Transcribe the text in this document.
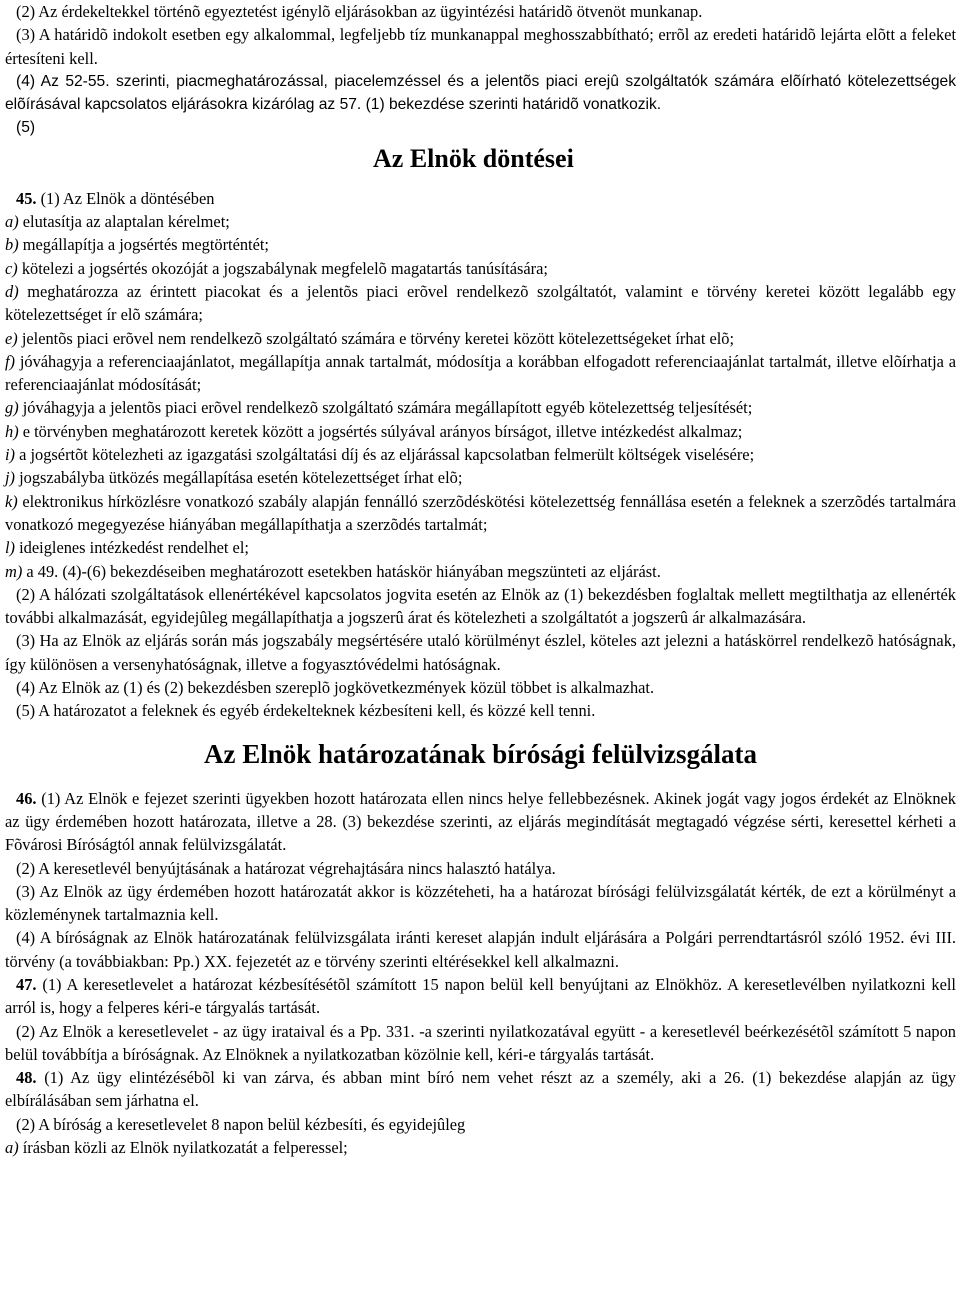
(2) Az érdekeltekkel történõ egyeztetést igénylõ eljárásokban az ügyintézési határidõ ötvenöt munkanap.

(3) A határidõ indokolt esetben egy alkalommal, legfeljebb tíz munkanappal meghosszabbítható; errõl az eredeti határidõ lejárta elõtt a feleket értesíteni kell.

(4) Az 52-55. szerinti, piacmeghatározással, piacelemzéssel és a jelentõs piaci erejû szolgáltatók számára elõírható kötelezettségek elõírásával kapcsolatos eljárásokra kizárólag az 57. (1) bekezdése szerinti határidõ vonatkozik.

(5)

Az Elnök döntései

45. (1) Az Elnök a döntésében

a) elutasítja az alaptalan kérelmet;

b) megállapítja a jogsértés megtörténtét;

c) kötelezi a jogsértés okozóját a jogszabálynak megfelelõ magatartás tanúsítására;

d) meghatározza az érintett piacokat és a jelentõs piaci erõvel rendelkezõ szolgáltatót, valamint e törvény keretei között legalább egy kötelezettséget ír elõ számára;

e) jelentõs piaci erõvel nem rendelkezõ szolgáltató számára e törvény keretei között kötelezettségeket írhat elõ;

f) jóváhagyja a referenciaajánlatot, megállapítja annak tartalmát, módosítja a korábban elfogadott referenciaajánlat tartalmát, illetve elõírhatja a referenciaajánlat módosítását;

g) jóváhagyja a jelentõs piaci erõvel rendelkezõ szolgáltató számára megállapított egyéb kötelezettség teljesítését;

h) e törvényben meghatározott keretek között a jogsértés súlyával arányos bírságot, illetve intézkedést alkalmaz;

i) a jogsértõt kötelezheti az igazgatási szolgáltatási díj és az eljárással kapcsolatban felmerült költségek viselésére;

j) jogszabályba ütközés megállapítása esetén kötelezettséget írhat elõ;

k) elektronikus hírközlésre vonatkozó szabály alapján fennálló szerzõdéskötési kötelezettség fennállása esetén a feleknek a szerzõdés tartalmára vonatkozó megegyezése hiányában megállapíthatja a szerzõdés tartalmát;

l) ideiglenes intézkedést rendelhet el;

m) a 49. (4)-(6) bekezdéseiben meghatározott esetekben hatáskör hiányában megszünteti az eljárást.

(2) A hálózati szolgáltatások ellenértékével kapcsolatos jogvita esetén az Elnök az (1) bekezdésben foglaltak mellett megtilthatja az ellenérték további alkalmazását, egyidejûleg megállapíthatja a jogszerû árat és kötelezheti a szolgáltatót a jogszerû ár alkalmazására.

(3) Ha az Elnök az eljárás során más jogszabály megsértésére utaló körülményt észlel, köteles azt jelezni a hatáskörrel rendelkezõ hatóságnak, így különösen a versenyhatóságnak, illetve a fogyasztóvédelmi hatóságnak.

(4) Az Elnök az (1) és (2) bekezdésben szereplõ jogkövetkezmények közül többet is alkalmazhat.

(5) A határozatot a feleknek és egyéb érdekelteknek kézbesíteni kell, és közzé kell tenni.

Az Elnök határozatának bírósági felülvizsgálata

46. (1) Az Elnök e fejezet szerinti ügyekben hozott határozata ellen nincs helye fellebbezésnek. Akinek jogát vagy jogos érdekét az Elnöknek az ügy érdemében hozott határozata, illetve a 28. (3) bekezdése szerinti, az eljárás megindítását megtagadó végzése sérti, keresettel kérheti a Fõvárosi Bíróságtól annak felülvizsgálatát.

(2) A keresetlevél benyújtásának a határozat végrehajtására nincs halasztó hatálya.

(3) Az Elnök az ügy érdemében hozott határozatát akkor is közzéteheti, ha a határozat bírósági felülvizsgálatát kérték, de ezt a körülményt a közleménynek tartalmaznia kell.

(4) A bíróságnak az Elnök határozatának felülvizsgálata iránti kereset alapján indult eljárására a Polgári perrendtartásról szóló 1952. évi III. törvény (a továbbiakban: Pp.) XX. fejezetét az e törvény szerinti eltérésekkel kell alkalmazni.

47. (1) A keresetlevelet a határozat kézbesítésétõl számított 15 napon belül kell benyújtani az Elnökhöz. A keresetlevélben nyilatkozni kell arról is, hogy a felperes kéri-e tárgyalás tartását.

(2) Az Elnök a keresetlevelet - az ügy irataival és a Pp. 331. -a szerinti nyilatkozatával együtt - a keresetlevél beérkezésétõl számított 5 napon belül továbbítja a bíróságnak. Az Elnöknek a nyilatkozatban közölnie kell, kéri-e tárgyalás tartását.

48. (1) Az ügy elintézésébõl ki van zárva, és abban mint bíró nem vehet részt az a személy, aki a 26. (1) bekezdése alapján az ügy elbírálásában sem járhatna el.

(2) A bíróság a keresetlevelet 8 napon belül kézbesíti, és egyidejûleg

a) írásban közli az Elnök nyilatkozatát a felperessel;
